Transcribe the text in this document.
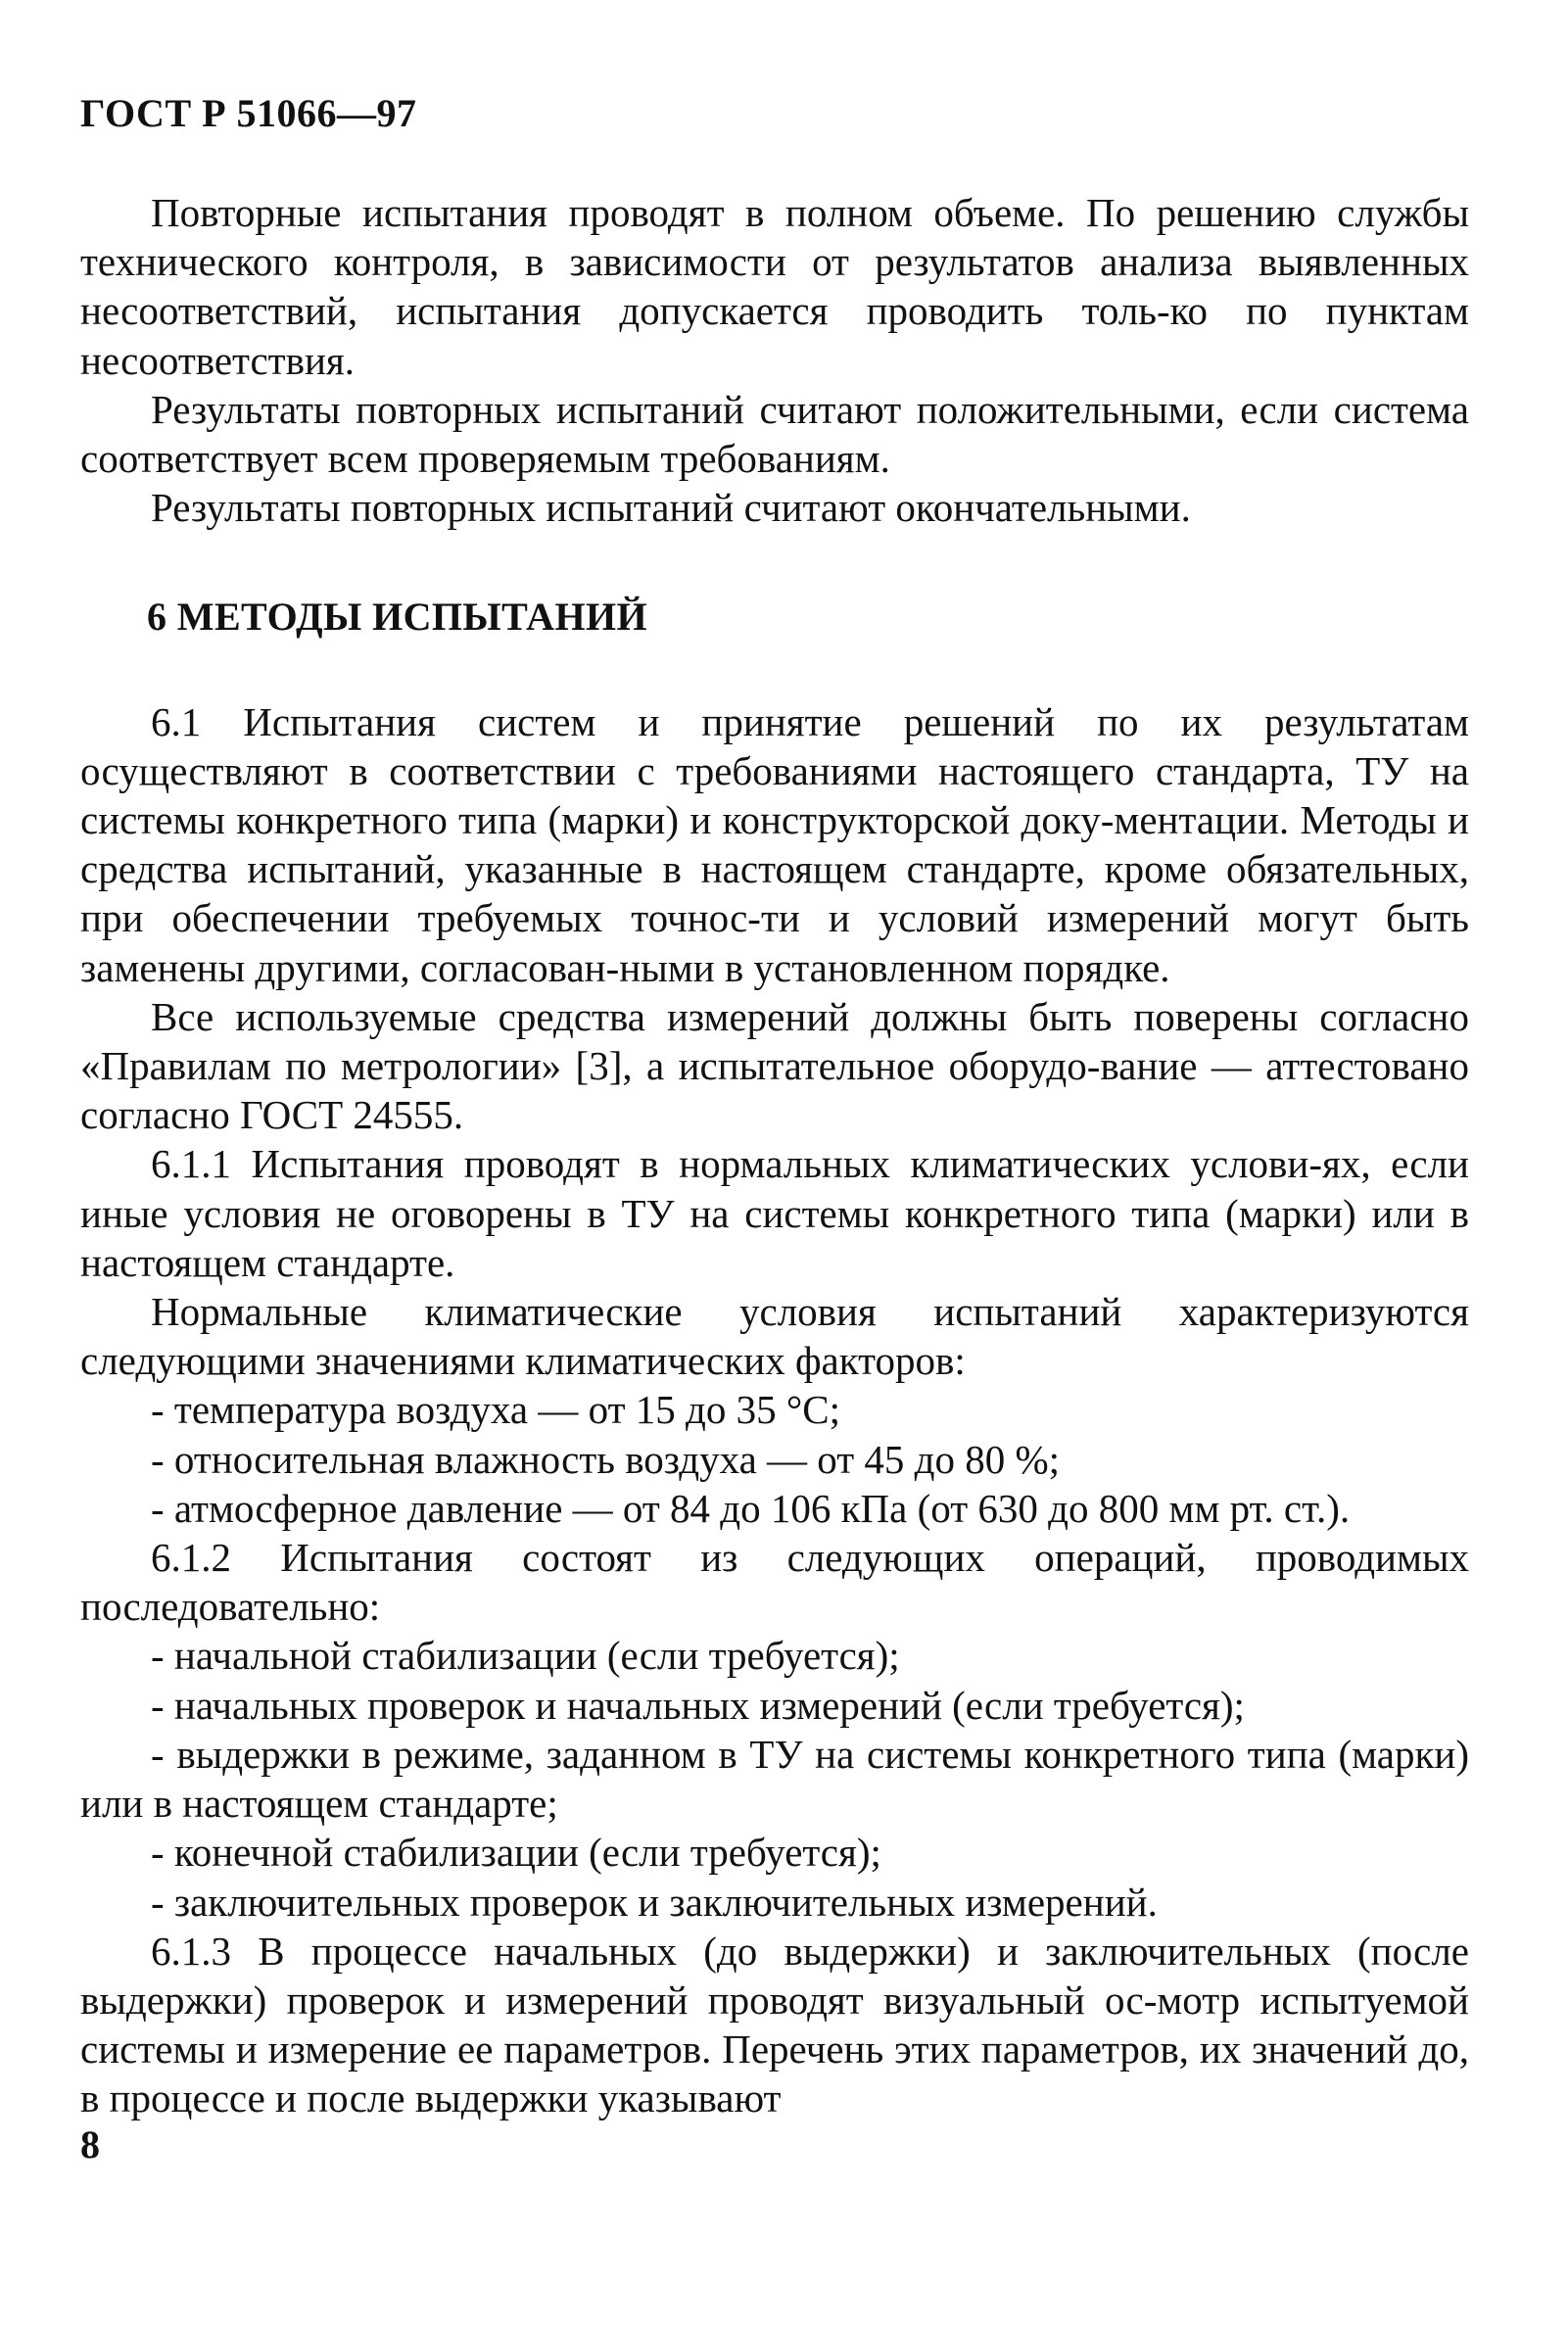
ГОСТ Р 51066—97

Повторные испытания проводят в полном объеме. По решению службы технического контроля, в зависимости от результатов анализа выявленных несоответствий, испытания допускается проводить толь-ко по пунктам несоответствия.

Результаты повторных испытаний считают положительными, если система соответствует всем проверяемым требованиям.

Результаты повторных испытаний считают окончательными.

6 МЕТОДЫ ИСПЫТАНИЙ

6.1 Испытания систем и принятие решений по их результатам осуществляют в соответствии с требованиями настоящего стандарта, ТУ на системы конкретного типа (марки) и конструкторской доку-ментации. Методы и средства испытаний, указанные в настоящем стандарте, кроме обязательных, при обеспечении требуемых точнос-ти и условий измерений могут быть заменены другими, согласован-ными в установленном порядке.

Все используемые средства измерений должны быть поверены согласно «Правилам по метрологии» [3], а испытательное оборудо-вание — аттестовано согласно ГОСТ 24555.

6.1.1 Испытания проводят в нормальных климатических услови-ях, если иные условия не оговорены в ТУ на системы конкретного типа (марки) или в настоящем стандарте.

Нормальные климатические условия испытаний характеризуются следующими значениями климатических факторов:

- температура воздуха — от 15 до 35 °С;

- относительная влажность воздуха — от 45 до 80 %;

- атмосферное давление — от 84 до 106 кПа (от 630 до 800 мм рт. ст.).

6.1.2 Испытания состоят из следующих операций, проводимых последовательно:

- начальной стабилизации (если требуется);

- начальных проверок и начальных измерений (если требуется);

- выдержки в режиме, заданном в ТУ на системы конкретного типа (марки) или в настоящем стандарте;

- конечной стабилизации (если требуется);

- заключительных проверок и заключительных измерений.

6.1.3 В процессе начальных (до выдержки) и заключительных (после выдержки) проверок и измерений проводят визуальный ос-мотр испытуемой системы и измерение ее параметров. Перечень этих параметров, их значений до, в процессе и после выдержки указывают

8
